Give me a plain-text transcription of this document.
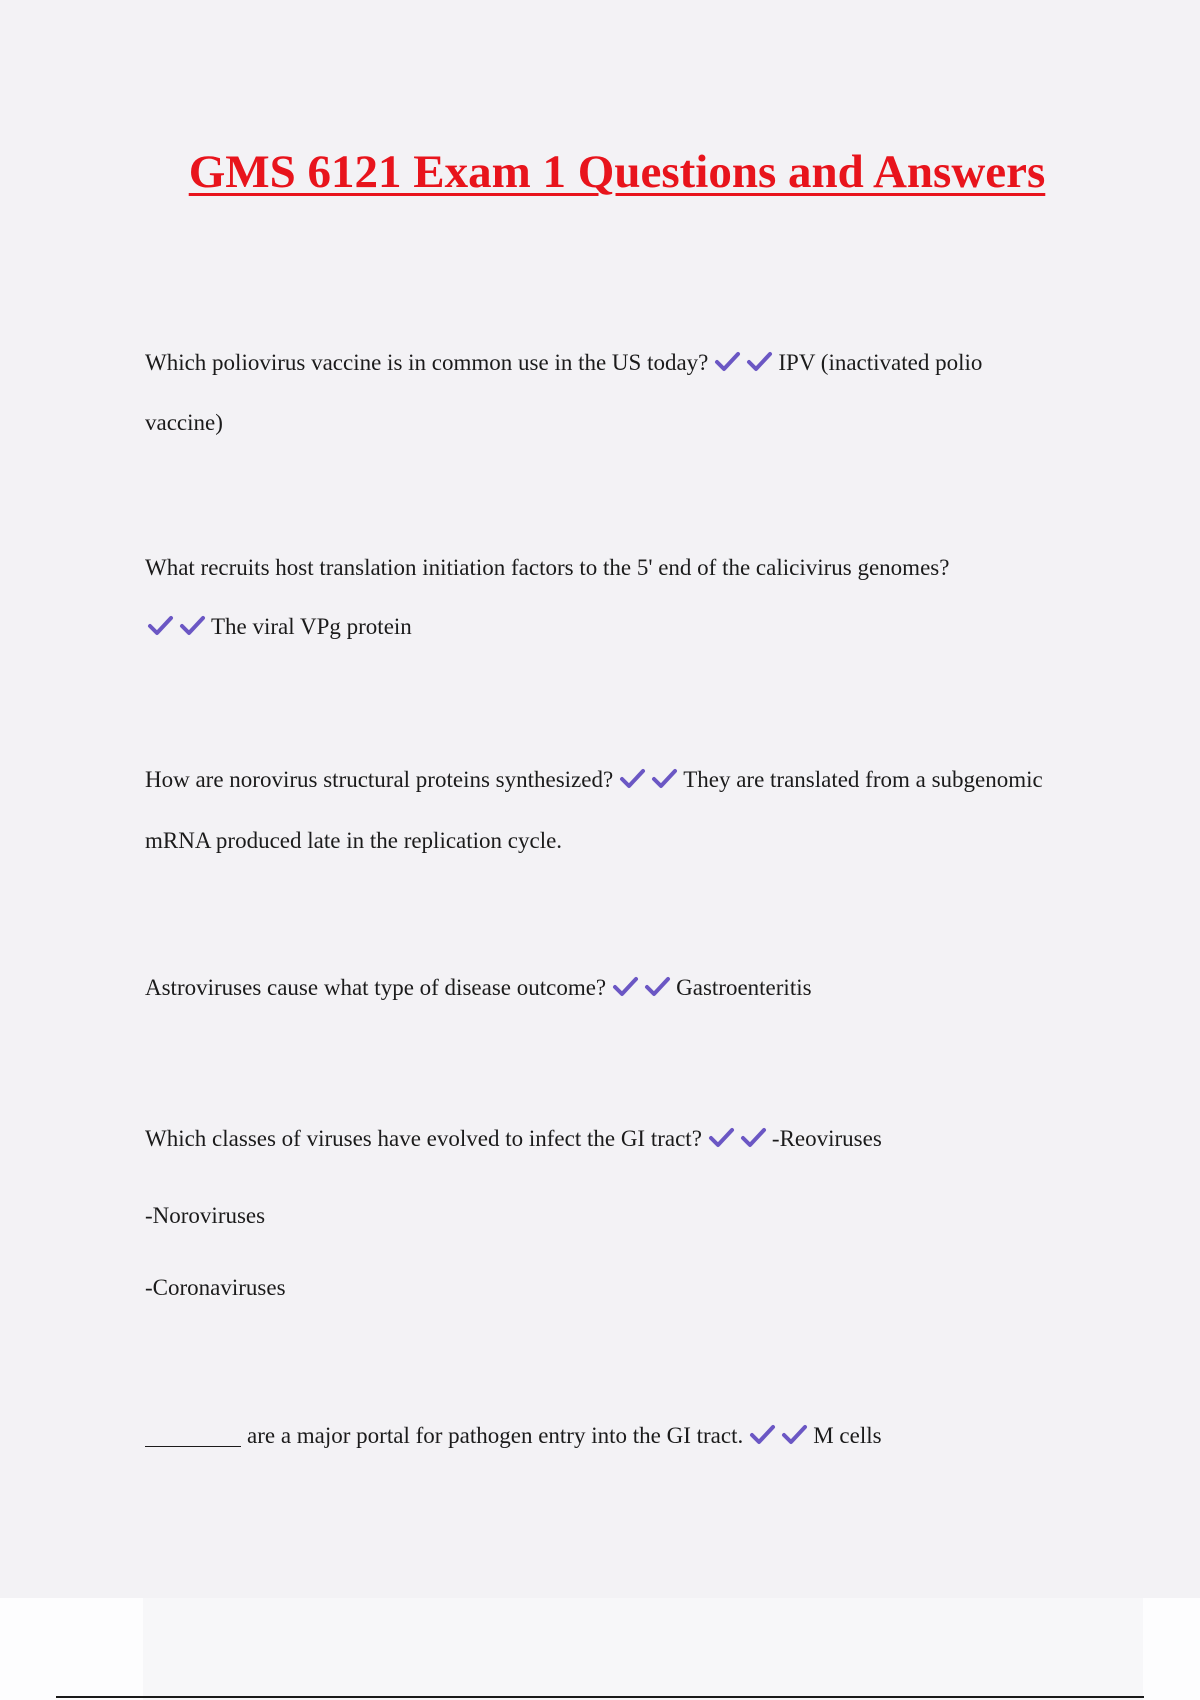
GMS 6121 Exam 1 Questions and Answers
Which poliovirus vaccine is in common use in the US today?	IPV (inactivated polio
vaccine)
What recruits host translation initiation factors to the 5' end of the calicivirus genomes?
The viral VPg protein
How are norovirus structural proteins synthesized?	They are translated from a subgenomic
mRNA produced late in the replication cycle.
Astroviruses cause what type of disease outcome?	Gastroenteritis
Which classes of viruses have evolved to infect the GI tract?	-Reoviruses
-Noroviruses
-Coronaviruses
are a major portal for pathogen entry into the GI tract.	M cells
